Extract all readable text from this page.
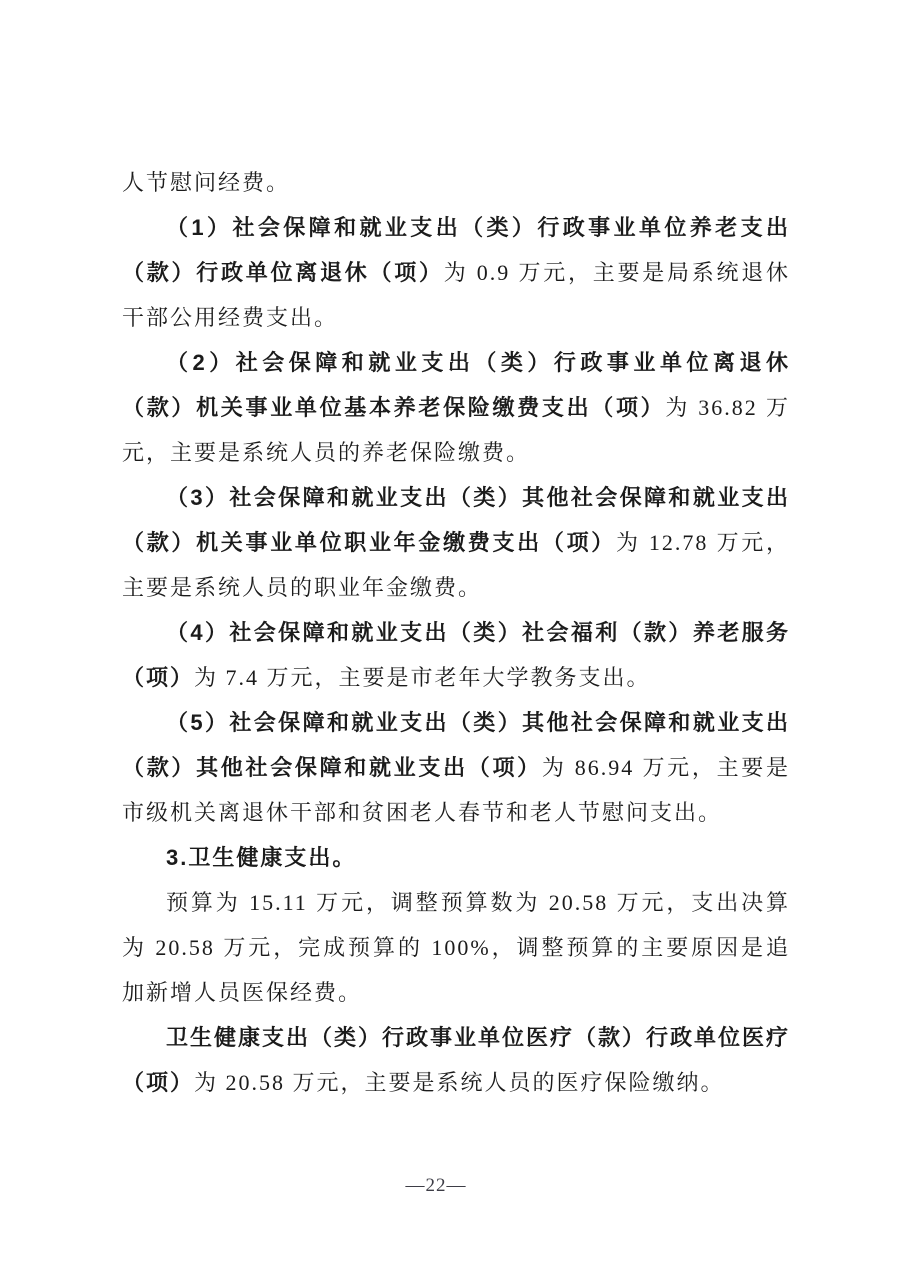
人节慰问经费。

（1）社会保障和就业支出（类）行政事业单位养老支出（款）行政单位离退休（项）为 0.9 万元，主要是局系统退休干部公用经费支出。

（2）社会保障和就业支出（类）行政事业单位离退休（款）机关事业单位基本养老保险缴费支出（项）为 36.82 万元，主要是系统人员的养老保险缴费。

（3）社会保障和就业支出（类）其他社会保障和就业支出（款）机关事业单位职业年金缴费支出（项）为 12.78 万元，主要是系统人员的职业年金缴费。

（4）社会保障和就业支出（类）社会福利（款）养老服务（项）为 7.4 万元，主要是市老年大学教务支出。

（5）社会保障和就业支出（类）其他社会保障和就业支出（款）其他社会保障和就业支出（项）为 86.94 万元，主要是市级机关离退休干部和贫困老人春节和老人节慰问支出。

3.卫生健康支出。

预算为 15.11 万元，调整预算数为 20.58 万元，支出决算为 20.58 万元，完成预算的 100%，调整预算的主要原因是追加新增人员医保经费。

卫生健康支出（类）行政事业单位医疗（款）行政单位医疗（项）为 20.58 万元，主要是系统人员的医疗保险缴纳。

—22—
